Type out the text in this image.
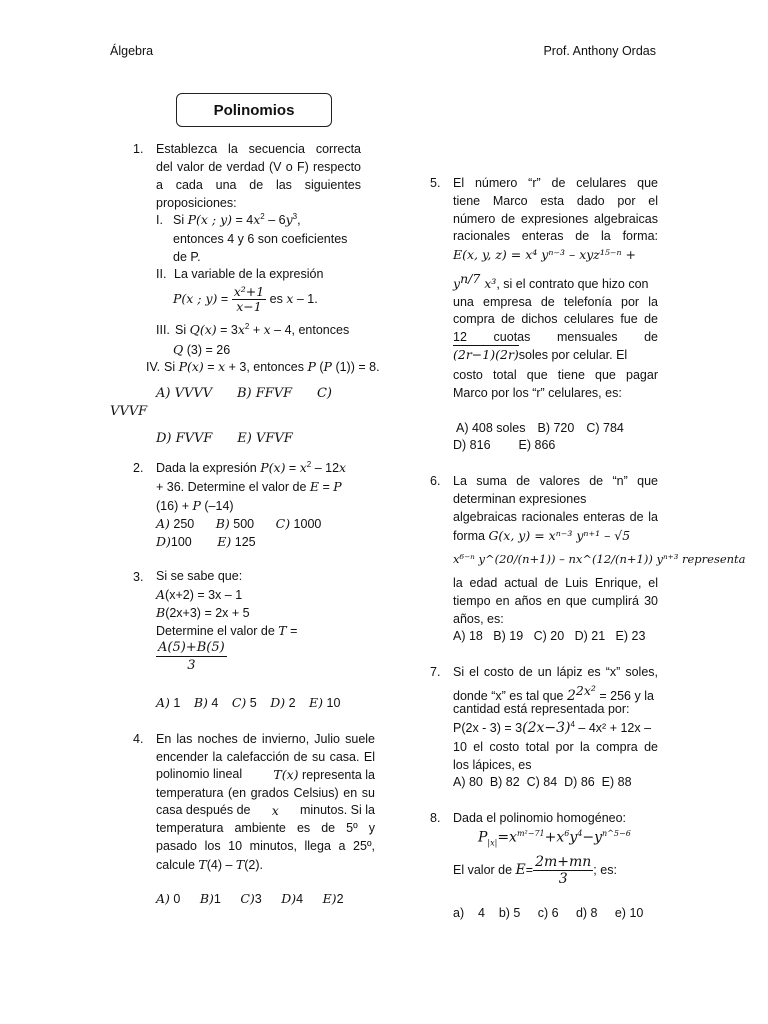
Álgebra	Prof. Anthony Ordas
Polinomios
1. Establezca la secuencia correcta
del valor de verdad (V o F) respecto
a cada una de las siguientes
proposiciones:
I. Si P(x ; $y) = 4x^2 - 6y^3$,
entonces 4 y 6 son coeficientes
de P.
II. La variable de la expresión
P(x ; $y) = \frac{\text{x²+1}}{x-1}$ es x – 1.
III. Si $Q(x) = 3x^2 + x - 4$, entonces
Q (3) = 26
IV. Si P(x) = x + 3, entonces P (P (1)) = 8.
A) VVVV      B) FFVF      C)
VVVF
D) FVVF      E) VFVF
2. Dada la expresión $P(x) = x^2 - 12x$
+ 36. Determine el valor de E = P
(16) + P (–14)
A) 250 B) 500 C) 1000
D)100 E) 125
3. Si se sabe que:
A(x+2) = 3x – 1
B(2x+3) = 2x + 5
Determine el valor de T =
$\frac{A(5)+B(5)}{3}$
A) 1 B) 4 C) 5 D) 2 E) 10
4. En las noches de invierno, Julio suele
encender la calefacción de su casa. El
polinomio lineal	T(x) representa la
temperatura (en grados Celsius) en su
casa después de x minutos. Si la
temperatura ambiente es de 5º y
pasado los 10 minutos, llega a 25º,
calcule T(4) – T(2).
A) 0 B)1 C)3 D)4 E)2
5. El número “r” de celulares que
tiene Marco esta dado por el
número de expresiones algebraicas
racionales enteras de la forma:
E(x, y, z) = x⁴ yⁿ⁻³ – xyz¹⁵⁻ⁿ +
$y^{n/7}$ x³, si el contrato que hizo con
una empresa de telefonía por la
compra de dichos celulares fue de
12 cuotas mensuales de
(2r−1)(2r)soles por celular. El
costo total que tiene que pagar
Marco por los “r” celulares, es:
A) 408 soles B) 720 C) 784
D) 816 E) 866
6. La suma de valores de “n” que
determinan expresiones
algebraicas racionales enteras de la
forma G(x, y) = xⁿ⁻³ yⁿ⁺¹ – √5
x⁶⁻ⁿ y^(20/(n+1)) – nx^(12/(n+1)) yⁿ⁺³ representa
la edad actual de Luis Enrique, el
tiempo en años en que cumplirá 30
años, es:
A) 18   B) 19   C) 20   D) 21   E) 23
7. Si el costo de un lápiz es “x” soles,
donde “x” es tal que $2^{2x^2} = 256$ y la
cantidad está representada por:
$P(2x - 3) = 3(2x-3)^4 - 4x^2 + 12x$ –
10 el costo total por la compra de
los lápices, es
A) 80  B) 82  C) 84  D) 86  E) 88
8. Dada el polinomio homogéneo:
$P_{|x|}=x^{m^2-71}+x^6y^4-y^{n\^{}5-6}$
El valor de $E= \frac{2m+mn}{3}$ ; es:
a)    4    b) 5     c) 6     d) 8     e) 10
